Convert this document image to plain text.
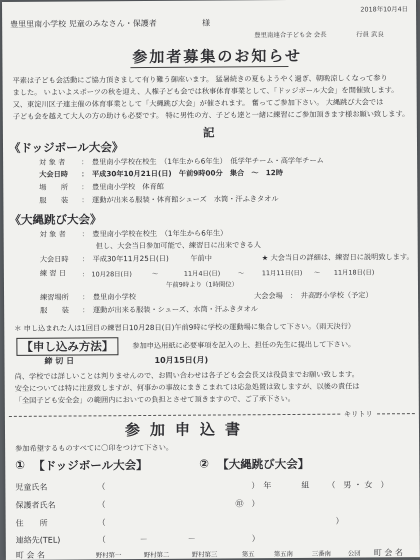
2018年10月4日
豊里里南小学校 児童のみなさん・保護者	様
豊里南連合子ども会 会長	行員 武良
参加者募集のお知らせ
平素は子ども会活動にご協力頂きまして有り難う御座います。 猛暑続きの夏もようやく過ぎ、朝晩涼しくなって参り
ました。 いよいよスポーツの秋を迎え、人権子ども会では秋事体育事業として、「ドッジボール大会」を開催致します。
又、東淀川区子連主催の体育事業として「大縄跳び大会」が催されます。 奮ってご参加下さい。 大縄跳び大会では
子ども会を越えて大人の方の助けも必要です。 特に男性の方、子ども達と一緒に練習にご参加頂きます様お願い致します。
記
《ドッジボール大会》
対 象 者 ：　豊里南小学校在校生　（1年生から6年生）　低学年チーム・高学年チーム
大会日時 ：　平成30年10月21日(日)　午前9時00分　集合　～　12時
場　　所 ：　豊里南小学校　体育館
服　　装 ：　運動が出来る服装・体育館シューズ　水筒・汗ふきタオル
《大縄跳び大会》
対 象 者 ：　豊里南小学校在校生　（1年生から6年生）
但し、大会当日参加可能で、練習日に出来できる人
大会日時 ：　平成30年11月25日(日)　　　午前中	★ 大会当日の詳細は、練習日に説明致します。
練 習 日 ：　10月28日(日)	～	11月4日(日)	～	11月11日(日) ～ 11月18日(日)
午前9時より（1時間位）
練習場所 ：　豊里南小学校	大会会場　：　井高野小学校（予定）
服　　装 ：　運動が出来る服装・シューズ、水筒・汗ふきタオル
＊ 申し込まれた人は1回目の練習日10月28日(日)午前9時に学校の運動場に集合して下さい。（雨天決行）
【申し込み方法】	参加申込用紙に必要事項を記入の上、担任の先生に提出して下さい。
締 切 日	10月15日(月)
尚、学校では詳しいことは判りませんので、お問い合わせは各子ども会会長又は役員までお願い致します。
安全については特に注意致しますが、何事かの事故にまきこまれては応急処置は致しますが、以後の責任は
「全国子ども安全会」の範囲内においての負担とさせて頂きますので、ご了承下さい。
キリトリ
参加申込書
参加希望するものすべてに〇印をつけて下さい。
① 【ドッジボール大会】	② 【大縄跳び大会】
児童氏名	（	） 年	組 （　男 ・ 女　）
保護者氏名	（	）
㊞
住　　所	（	）
連絡先(TEL)	（	－　　　　　－	）
町 会 名	野村第一	野村第二	野村第三	第五	第五南	三番南	公団 町 会 名
